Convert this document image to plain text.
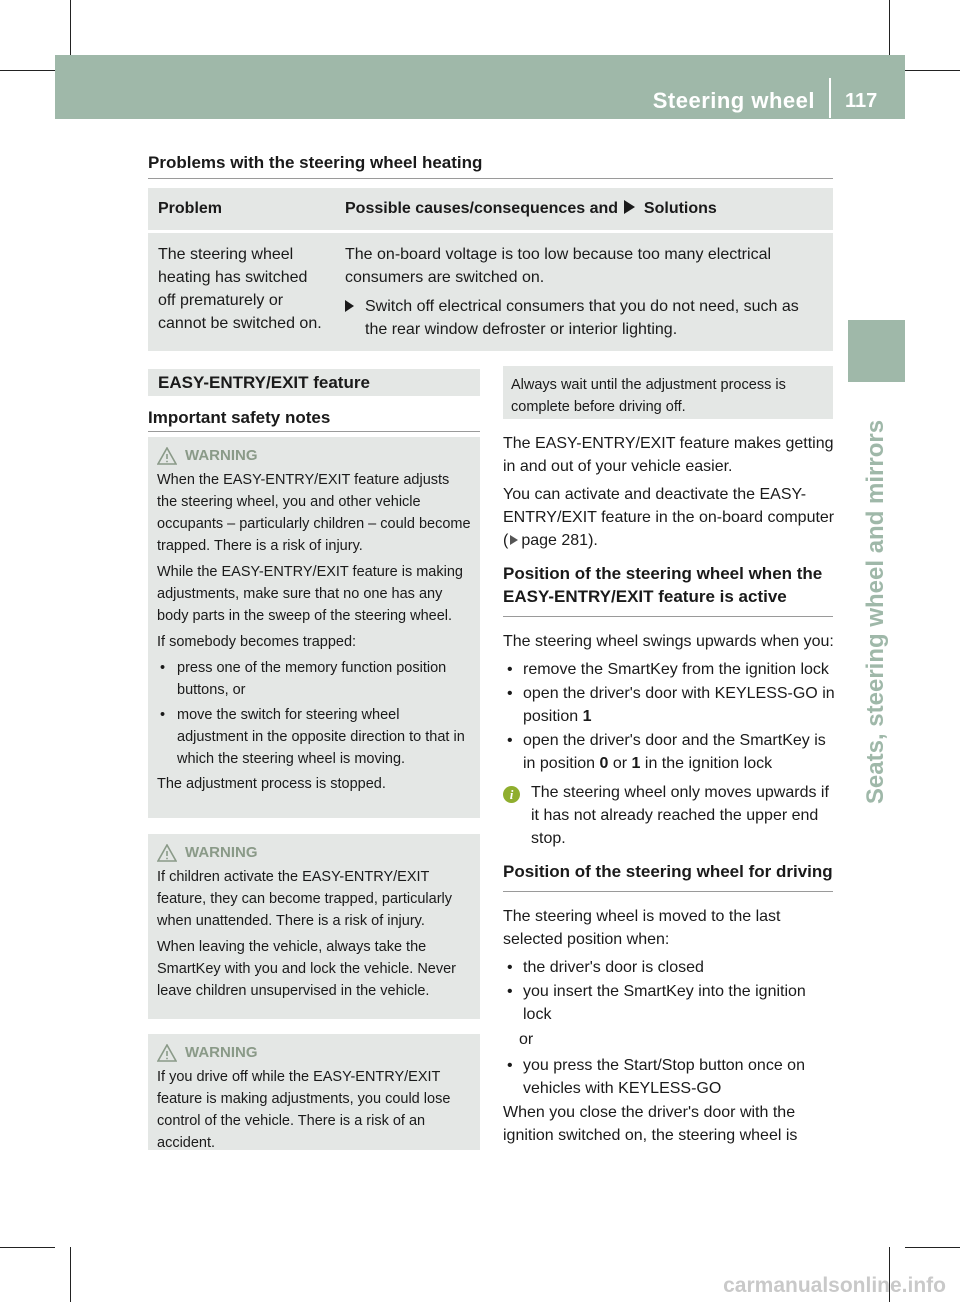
Steering wheel 117
Seats, steering wheel and mirrors
Problems with the steering wheel heating
Problem	Possible causes/consequences and Solutions
The steering wheel heating has switched off prematurely or cannot be switched on.	The on-board voltage is too low because too many electrical consumers are switched on.
Switch off electrical consumers that you do not need, such as the rear window defroster or interior lighting.
EASY-ENTRY/EXIT feature
Important safety notes
WARNING

When the EASY-ENTRY/EXIT feature adjusts the steering wheel, you and other vehicle occupants – particularly children – could become trapped. There is a risk of injury.

While the EASY-ENTRY/EXIT feature is making adjustments, make sure that no one has any body parts in the sweep of the steering wheel.

If somebody becomes trapped:

• press one of the memory function position buttons, or
• move the switch for steering wheel adjustment in the opposite direction to that in which the steering wheel is moving.

The adjustment process is stopped.

WARNING

If children activate the EASY-ENTRY/EXIT feature, they can become trapped, particularly when unattended. There is a risk of injury.

When leaving the vehicle, always take the SmartKey with you and lock the vehicle. Never leave children unsupervised in the vehicle.

WARNING

If you drive off while the EASY-ENTRY/EXIT feature is making adjustments, you could lose control of the vehicle. There is a risk of an accident.

Always wait until the adjustment process is complete before driving off.

The EASY-ENTRY/EXIT feature makes getting in and out of your vehicle easier.

You can activate and deactivate the EASY-ENTRY/EXIT feature in the on-board computer ( page 281).

Position of the steering wheel when the EASY-ENTRY/EXIT feature is active

The steering wheel swings upwards when you:

• remove the SmartKey from the ignition lock
• open the driver's door with KEYLESS-GO in position 1
• open the driver's door and the SmartKey is in position 0 or 1 in the ignition lock
i	The steering wheel only moves upwards if it has not already reached the upper end stop.
Position of the steering wheel for driving

The steering wheel is moved to the last selected position when:

• the driver's door is closed
• you insert the SmartKey into the ignition lock
or
• you press the Start/Stop button once on vehicles with KEYLESS-GO

When you close the driver's door with the ignition switched on, the steering wheel is

carmanualsonline.info
